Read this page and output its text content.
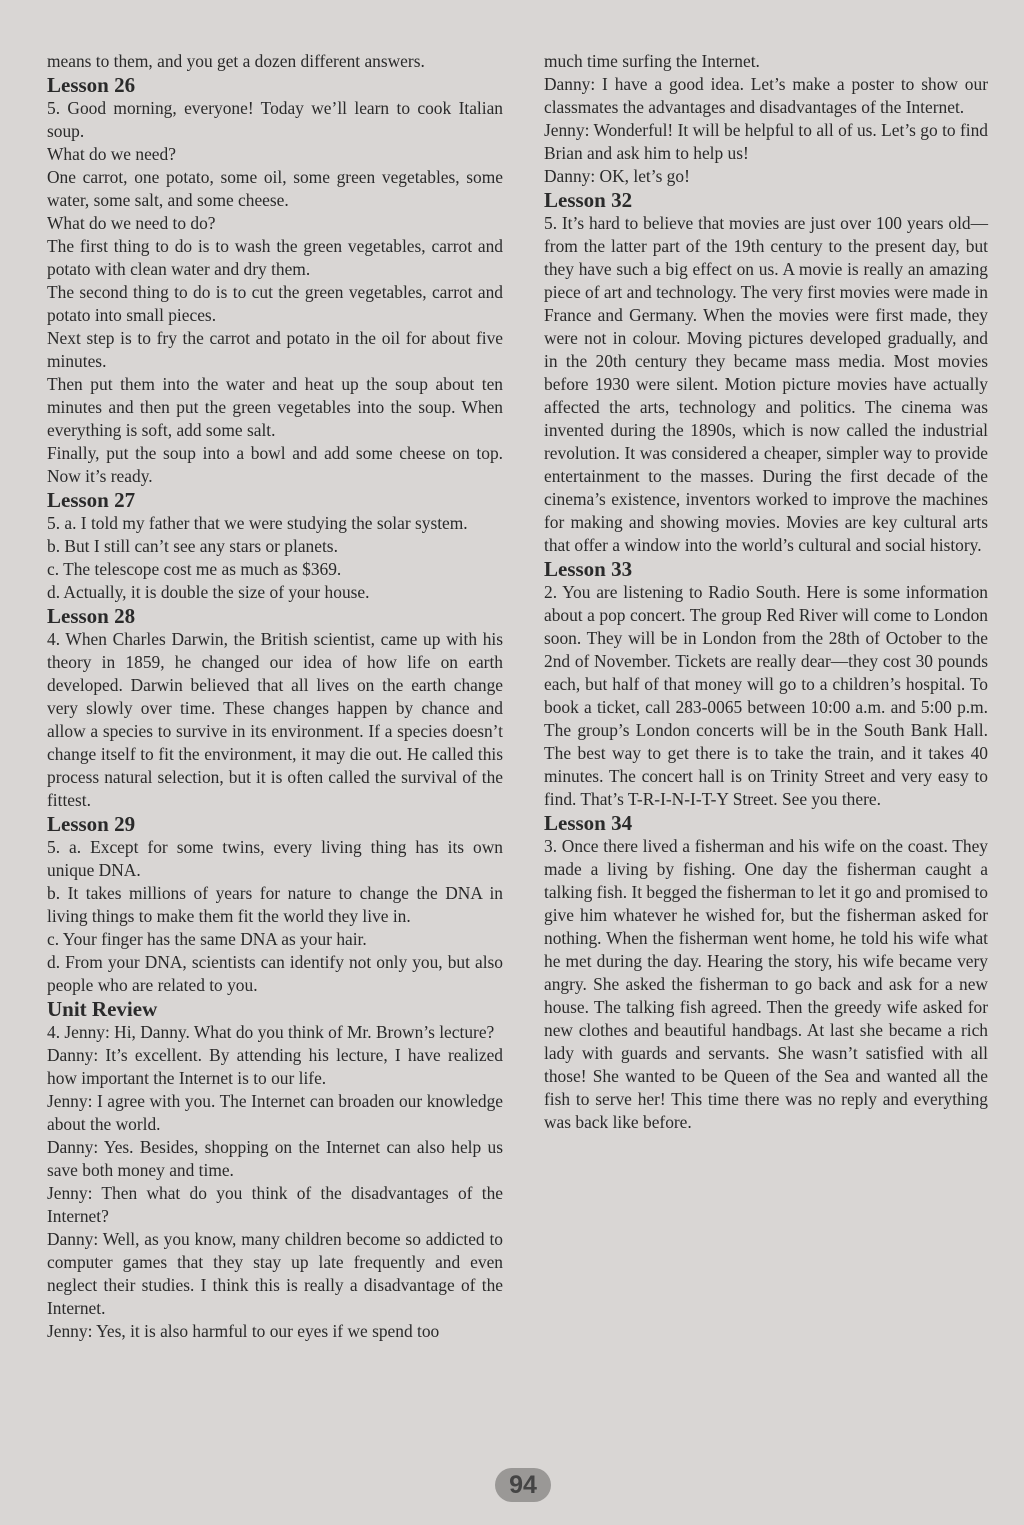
means to them, and you get a dozen different answers.

Lesson 26

5. Good morning, everyone! Today we’ll learn to cook Italian soup.

What do we need?

One carrot, one potato, some oil, some green vegetables, some water, some salt, and some cheese.

What do we need to do?

The first thing to do is to wash the green vegetables, carrot and potato with clean water and dry them.

The second thing to do is to cut the green vegetables, carrot and potato into small pieces.

Next step is to fry the carrot and potato in the oil for about five minutes.

Then put them into the water and heat up the soup about ten minutes and then put the green vegetables into the soup. When everything is soft, add some salt.

Finally, put the soup into a bowl and add some cheese on top. Now it’s ready.

Lesson 27

5. a. I told my father that we were studying the solar system.

b. But I still can’t see any stars or planets.

c. The telescope cost me as much as $369.

d. Actually, it is double the size of your house.

Lesson 28

4. When Charles Darwin, the British scientist, came up with his theory in 1859, he changed our idea of how life on earth developed. Darwin believed that all lives on the earth change very slowly over time. These changes happen by chance and allow a species to survive in its environment. If a species doesn’t change itself to fit the environment, it may die out. He called this process natural selection, but it is often called the survival of the fittest.

Lesson 29

5. a. Except for some twins, every living thing has its own unique DNA.

b. It takes millions of years for nature to change the DNA in living things to make them fit the world they live in.

c. Your finger has the same DNA as your hair.

d. From your DNA, scientists can identify not only you, but also people who are related to you.

Unit Review

4. Jenny: Hi, Danny. What do you think of Mr. Brown’s lecture?

Danny: It’s excellent. By attending his lecture, I have realized how important the Internet is to our life.

Jenny: I agree with you. The Internet can broaden our knowledge about the world.

Danny: Yes. Besides, shopping on the Internet can also help us save both money and time.

Jenny: Then what do you think of the disadvantages of the Internet?

Danny: Well, as you know, many children become so addicted to computer games that they stay up late frequently and even neglect their studies. I think this is really a disadvantage of the Internet.

Jenny: Yes, it is also harmful to our eyes if we spend too

much time surfing the Internet.

Danny: I have a good idea. Let’s make a poster to show our classmates the advantages and disadvantages of the Internet.

Jenny: Wonderful! It will be helpful to all of us. Let’s go to find Brian and ask him to help us!

Danny: OK, let’s go!

Lesson 32

5. It’s hard to believe that movies are just over 100 years old—from the latter part of the 19th century to the present day, but they have such a big effect on us. A movie is really an amazing piece of art and technology. The very first movies were made in France and Germany. When the movies were first made, they were not in colour. Moving pictures developed gradually, and in the 20th century they became mass media. Most movies before 1930 were silent. Motion picture movies have actually affected the arts, technology and politics. The cinema was invented during the 1890s, which is now called the industrial revolution. It was considered a cheaper, simpler way to provide entertainment to the masses. During the first decade of the cinema’s existence, inventors worked to improve the machines for making and showing movies. Movies are key cultural arts that offer a window into the world’s cultural and social history.

Lesson 33

2. You are listening to Radio South. Here is some information about a pop concert. The group Red River will come to London soon. They will be in London from the 28th of October to the 2nd of November. Tickets are really dear—they cost 30 pounds each, but half of that money will go to a children’s hospital. To book a ticket, call 283-0065 between 10:00 a.m. and 5:00 p.m. The group’s London concerts will be in the South Bank Hall. The best way to get there is to take the train, and it takes 40 minutes. The concert hall is on Trinity Street and very easy to find. That’s T-R-I-N-I-T-Y Street. See you there.

Lesson 34

3. Once there lived a fisherman and his wife on the coast. They made a living by fishing. One day the fisherman caught a talking fish. It begged the fisherman to let it go and promised to give him whatever he wished for, but the fisherman asked for nothing. When the fisherman went home, he told his wife what he met during the day. Hearing the story, his wife became very angry. She asked the fisherman to go back and ask for a new house. The talking fish agreed. Then the greedy wife asked for new clothes and beautiful handbags. At last she became a rich lady with guards and servants. She wasn’t satisfied with all those! She wanted to be Queen of the Sea and wanted all the fish to serve her! This time there was no reply and everything was back like before.

94
